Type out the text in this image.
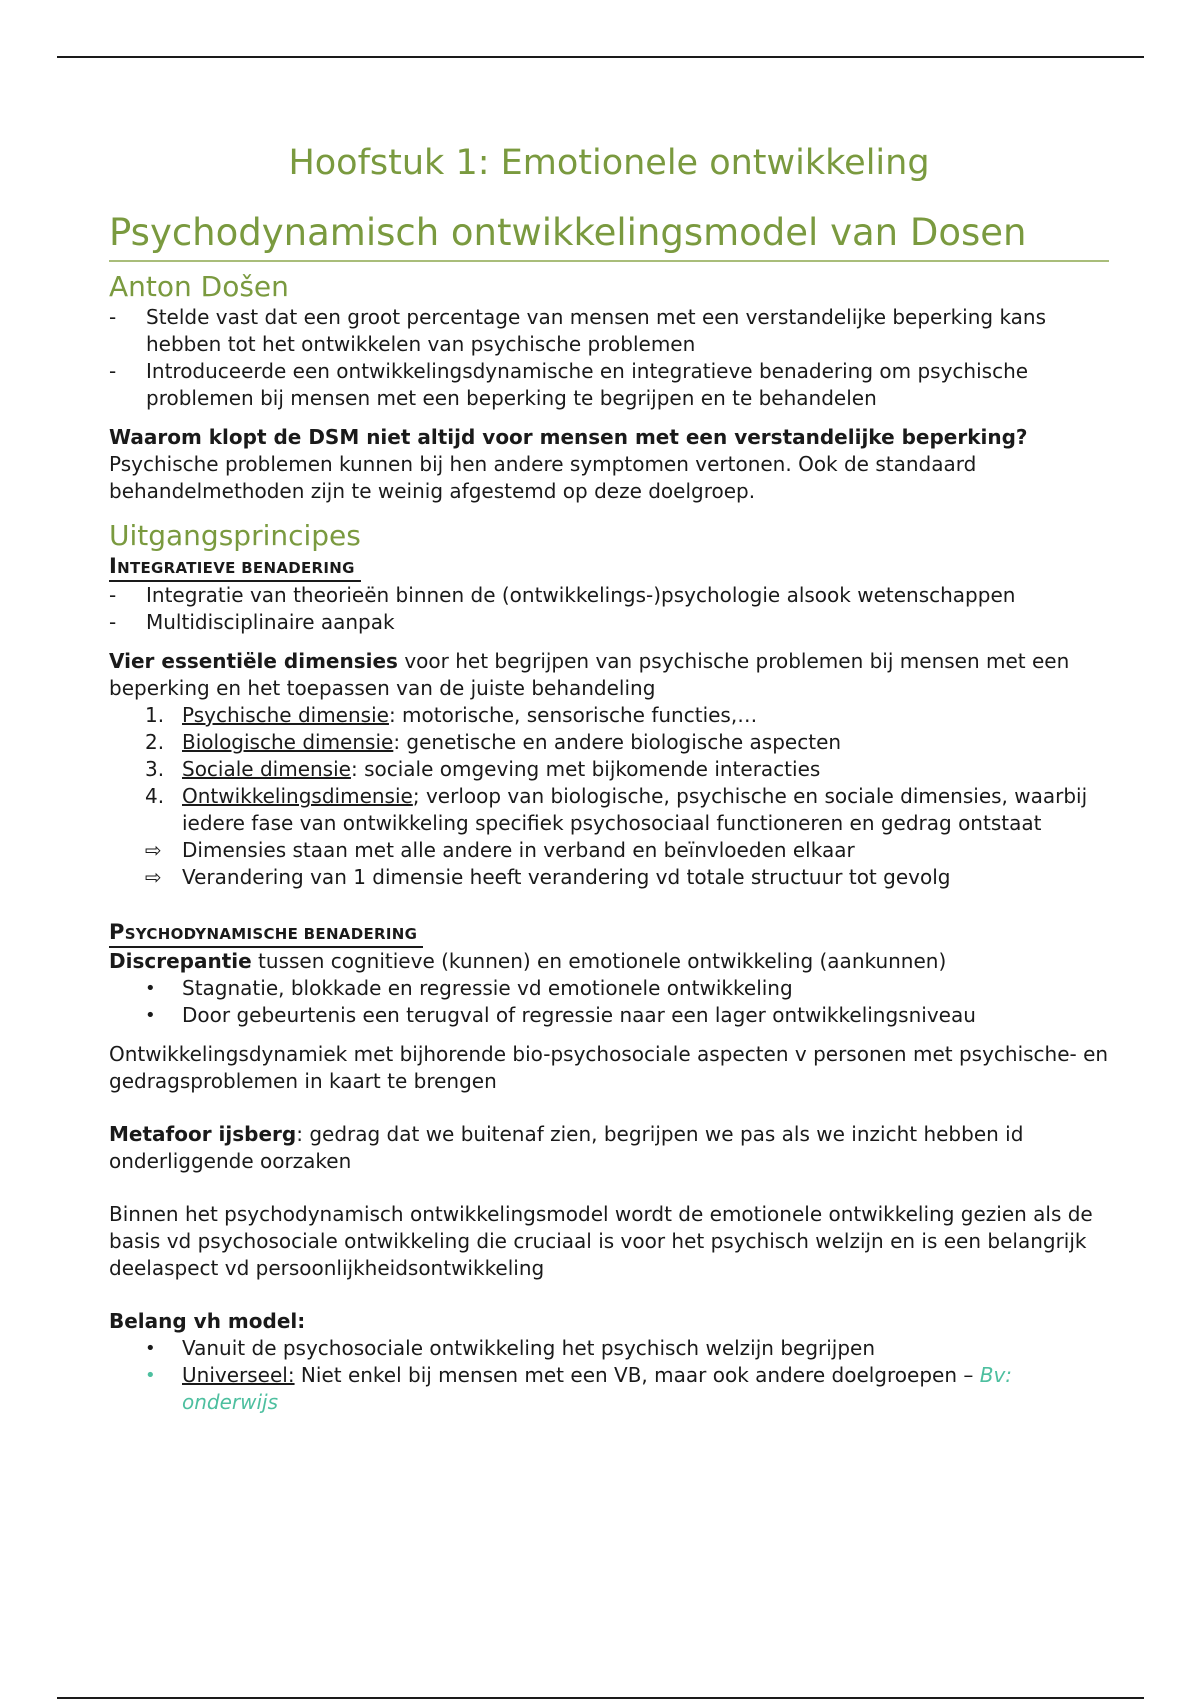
Hoofstuk 1: Emotionele ontwikkeling
Psychodynamisch ontwikkelingsmodel van Dosen
Anton Došen
- Stelde vast dat een groot percentage van mensen met een verstandelijke beperking kans hebben tot het ontwikkelen van psychische problemen
- Introduceerde een ontwikkelingsdynamische en integratieve benadering om psychische problemen bij mensen met een beperking te begrijpen en te behandelen

Waarom klopt de DSM niet altijd voor mensen met een verstandelijke beperking?

Psychische problemen kunnen bij hen andere symptomen vertonen. Ook de standaard behandelmethoden zijn te weinig afgestemd op deze doelgroep.

Uitgangsprincipes
INTEGRATIEVE BENADERING
- Integratie van theorieën binnen de (ontwikkelings-)psychologie alsook wetenschappen
- Multidisciplinaire aanpak

Vier essentiële dimensies voor het begrijpen van psychische problemen bij mensen met een beperking en het toepassen van de juiste behandeling

1. Psychische dimensie: motorische, sensorische functies,…
2. Biologische dimensie: genetische en andere biologische aspecten
3. Sociale dimensie: sociale omgeving met bijkomende interacties
4. Ontwikkelingsdimensie; verloop van biologische, psychische en sociale dimensies, waarbij iedere fase van ontwikkeling specifiek psychosociaal functioneren en gedrag ontstaat
⇨ Dimensies staan met alle andere in verband en beïnvloeden elkaar
⇨ Verandering van 1 dimensie heeft verandering vd totale structuur tot gevolg
PSYCHODYNAMISCHE BENADERING

Discrepantie tussen cognitieve (kunnen) en emotionele ontwikkeling (aankunnen)

• Stagnatie, blokkade en regressie vd emotionele ontwikkeling
• Door gebeurtenis een terugval of regressie naar een lager ontwikkelingsniveau

Ontwikkelingsdynamiek met bijhorende bio-psychosociale aspecten v personen met psychische- en gedragsproblemen in kaart te brengen

Metafoor ijsberg: gedrag dat we buitenaf zien, begrijpen we pas als we inzicht hebben id onderliggende oorzaken

Binnen het psychodynamisch ontwikkelingsmodel wordt de emotionele ontwikkeling gezien als de basis vd psychosociale ontwikkeling die cruciaal is voor het psychisch welzijn en is een belangrijk deelaspect vd persoonlijkheidsontwikkeling

Belang vh model:

• Vanuit de psychosociale ontwikkeling het psychisch welzijn begrijpen
• Universeel: Niet enkel bij mensen met een VB, maar ook andere doelgroepen – Bv: onderwijs
